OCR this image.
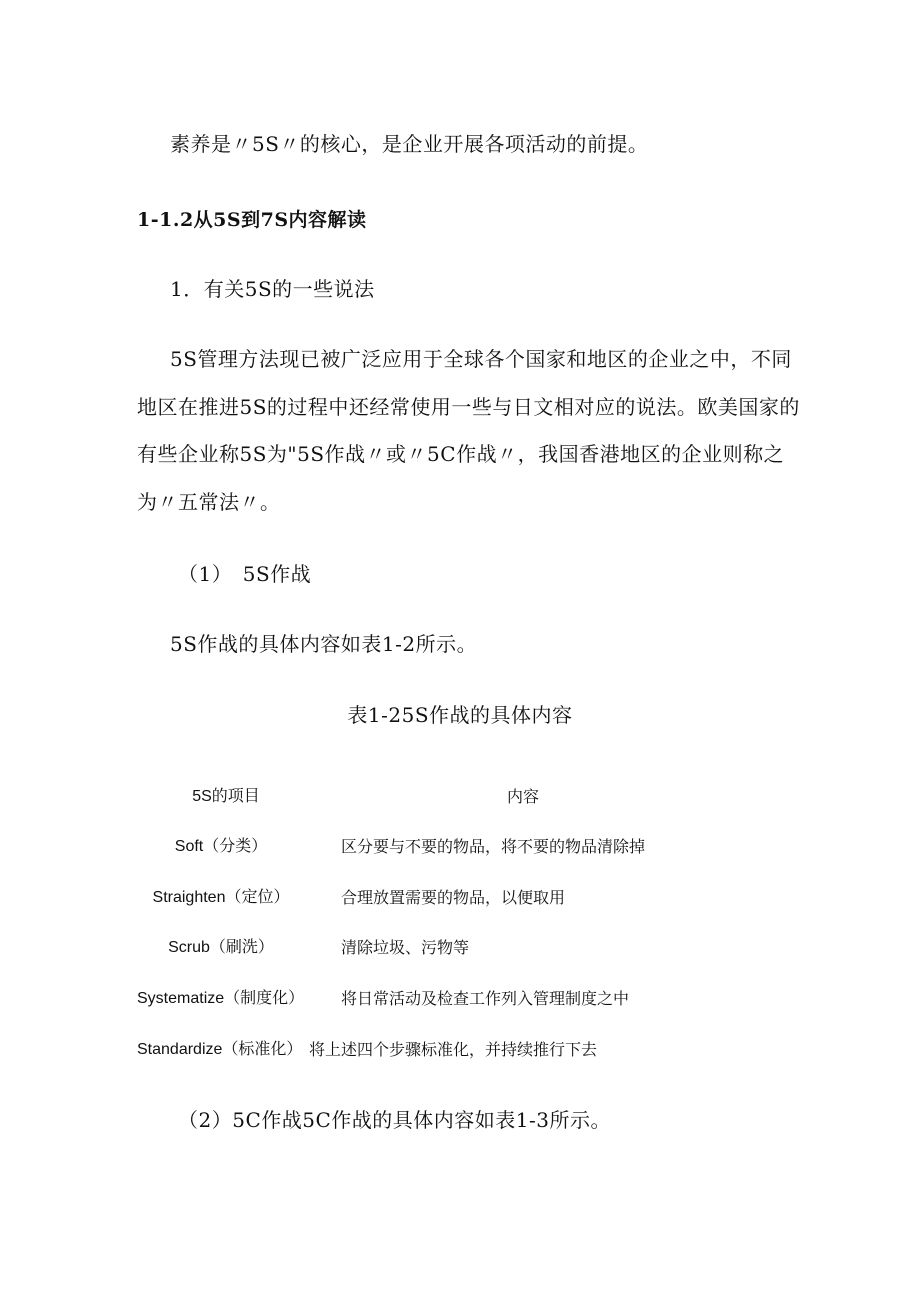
素养是〃5S〃的核心，是企业开展各项活动的前提。
1-1.2从5S到7S内容解读
1．有关5S的一些说法
5S管理方法现已被广泛应用于全球各个国家和地区的企业之中，不同
地区在推进5S的过程中还经常使用一些与日文相对应的说法。欧美国家的
有些企业称5S为"5S作战〃或〃5C作战〃，我国香港地区的企业则称之
为〃五常法〃。
（1）　5S作战
5S作战的具体内容如表1-2所示。
表1-25S作战的具体内容
5S的项目	内容
Soft（分类）	区分要与不要的物品，将不要的物品清除掉
Straighten（定位）	合理放置需要的物品，以便取用
Scrub（刷洗）	清除垃圾、污物等
Systematize（制度化） 将日常活动及检查工作列入管理制度之中
Standardize（标准化） 将上述四个步骤标准化，并持续推行下去
（2）5C作战5C作战的具体内容如表1-3所示。
